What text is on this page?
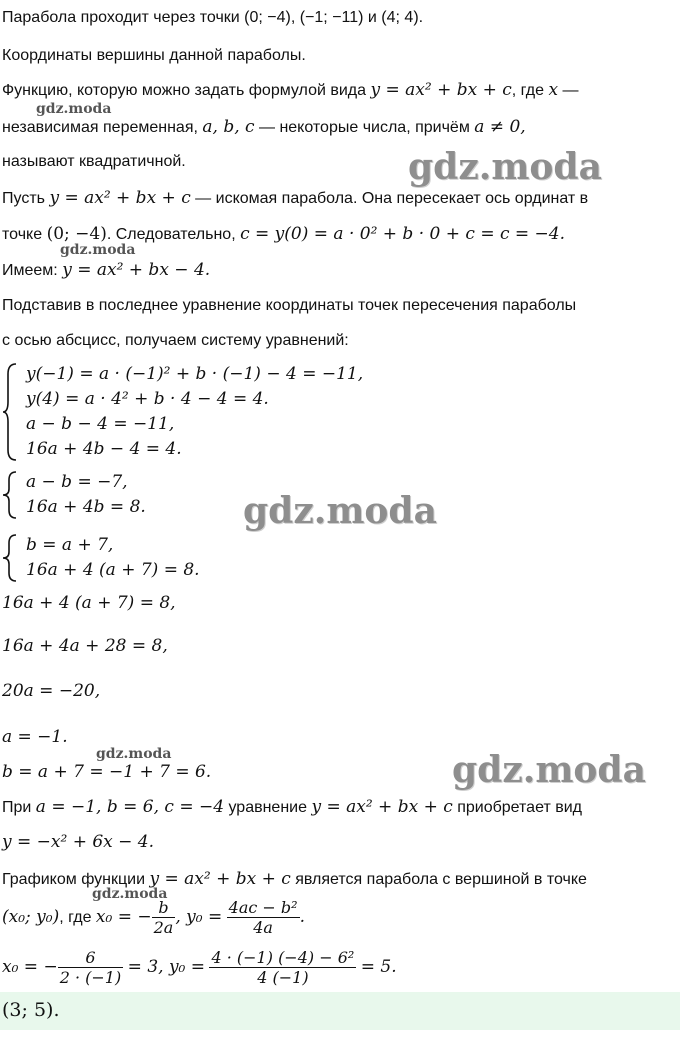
Парабола проходит через точки (0; −4), (−1; −11) и (4; 4).
Координаты вершины данной параболы.
Функцию, которую можно задать формулой вида y = ax² + bx + c, где x —
независимая переменная, a, b, c — некоторые числа, причём a ≠ 0,
называют квадратичной.
Пусть y = ax² + bx + c — искомая парабола. Она пересекает ось ординат в
точке (0; −4). Следовательно, c = y(0) = a · 0² + b · 0 + c = c = −4.
Имеем: y = ax² + bx − 4.
Подставив в последнее уравнение координаты точек пересечения параболы
с осью абсцисс, получаем систему уравнений:
y(−1) = a · (−1)² + b · (−1) − 4 = −11,
y(4) = a · 4² + b · 4 − 4 = 4.
a − b − 4 = −11,
16a + 4b − 4 = 4.
a − b = −7,
16a + 4b = 8.
b = a + 7,
16a + 4 (a + 7) = 8.
16a + 4 (a + 7) = 8,
16a + 4a + 28 = 8,
20a = −20,
a = −1.
b = a + 7 = −1 + 7 = 6.
При a = −1, b = 6, c = −4 уравнение y = ax² + bx + c приобретает вид
y = −x² + 6x − 4.
Графиком функции y = ax² + bx + c является парабола с вершиной в точке
(x₀; y₀), где x₀ = − $\frac{b}{2a}$ , $y_0 = \frac{\text{4ac − b²}}{4a}$ .
x₀ = − $\frac{6}{2 \cdot (-1)} = 3$, $y_0 = \frac{\text{4 · (−1) (−4) − 6²}}{4 (-1)} = 5$.
(3; 5).
gdz.moda
gdz.moda
gdz.moda
gdz.moda
gdz.moda	gdz.moda
gdz.moda
